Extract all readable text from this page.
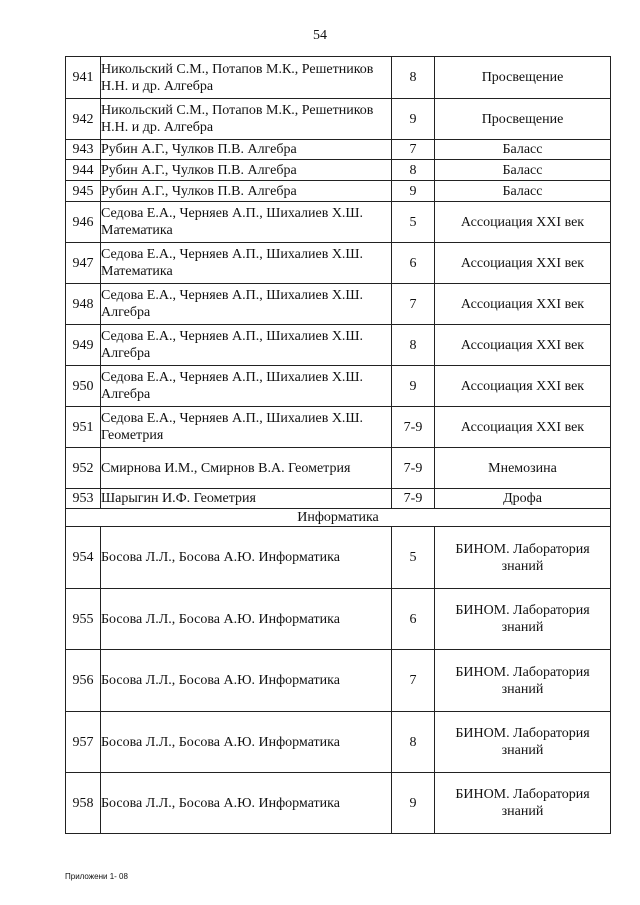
54
941	Никольский С.М., Потапов М.К., Решетников Н.Н. и др. Алгебра	8	Просвещение
942	Никольский С.М., Потапов М.К., Решетников Н.Н. и др. Алгебра	9	Просвещение
943	Рубин А.Г., Чулков П.В. Алгебра	7	Баласс
944	Рубин А.Г., Чулков П.В. Алгебра	8	Баласс
945	Рубин А.Г., Чулков П.В. Алгебра	9	Баласс
946	Седова Е.А., Черняев А.П., Шихалиев Х.Ш. Математика	5	Ассоциация XXI век
947	Седова Е.А., Черняев А.П., Шихалиев Х.Ш. Математика	6	Ассоциация XXI век
948	Седова Е.А., Черняев А.П., Шихалиев Х.Ш. Алгебра	7	Ассоциация XXI век
949	Седова Е.А., Черняев А.П., Шихалиев Х.Ш. Алгебра	8	Ассоциация XXI век
950	Седова Е.А., Черняев А.П., Шихалиев Х.Ш. Алгебра	9	Ассоциация XXI век
951	Седова Е.А., Черняев А.П., Шихалиев Х.Ш. Геометрия	7-9	Ассоциация XXI век
952	Смирнова И.М., Смирнов В.А. Геометрия	7-9	Мнемозина
953	Шарыгин И.Ф. Геометрия	7-9	Дрофа
Информатика			
954	Босова Л.Л., Босова А.Ю. Информатика	5	БИНОМ. Лаборатория знаний
955	Босова Л.Л., Босова А.Ю. Информатика	6	БИНОМ. Лаборатория знаний
956	Босова Л.Л., Босова А.Ю. Информатика	7	БИНОМ. Лаборатория знаний
957	Босова Л.Л., Босова А.Ю. Информатика	8	БИНОМ. Лаборатория знаний
958	Босова Л.Л., Босова А.Ю. Информатика	9	БИНОМ. Лаборатория знаний
Приложени 1- 08
